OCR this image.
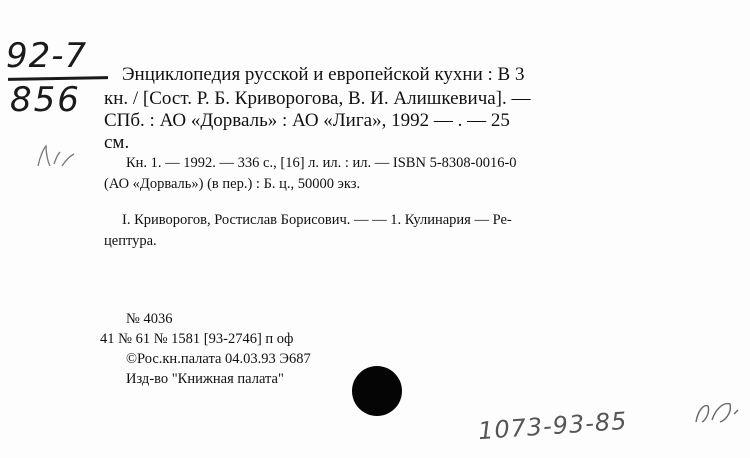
92-7
856
Энциклопедия русской и европейской кухни : В 3
кн. / [Сост. Р. Б. Криворогова, В. И. Алишкевича]. —
СПб. : АО «Дорваль» : АО «Лига», 1992 — . — 25
см.
Кн. 1. — 1992. — 336 с., [16] л. ил. : ил. — ISBN 5-8308-0016-0
(АО «Дорваль») (в пер.) : Б. ц., 50000 экз.
I. Криворогов, Ростислав Борисович. — — 1. Кулинария — Ре-
цептура.
№ 4036
41 № 61 № 1581 [93-2746] п оф
©Рос.кн.палата 04.03.93 Э687
Изд-во "Книжная палата"
1073-93-85
